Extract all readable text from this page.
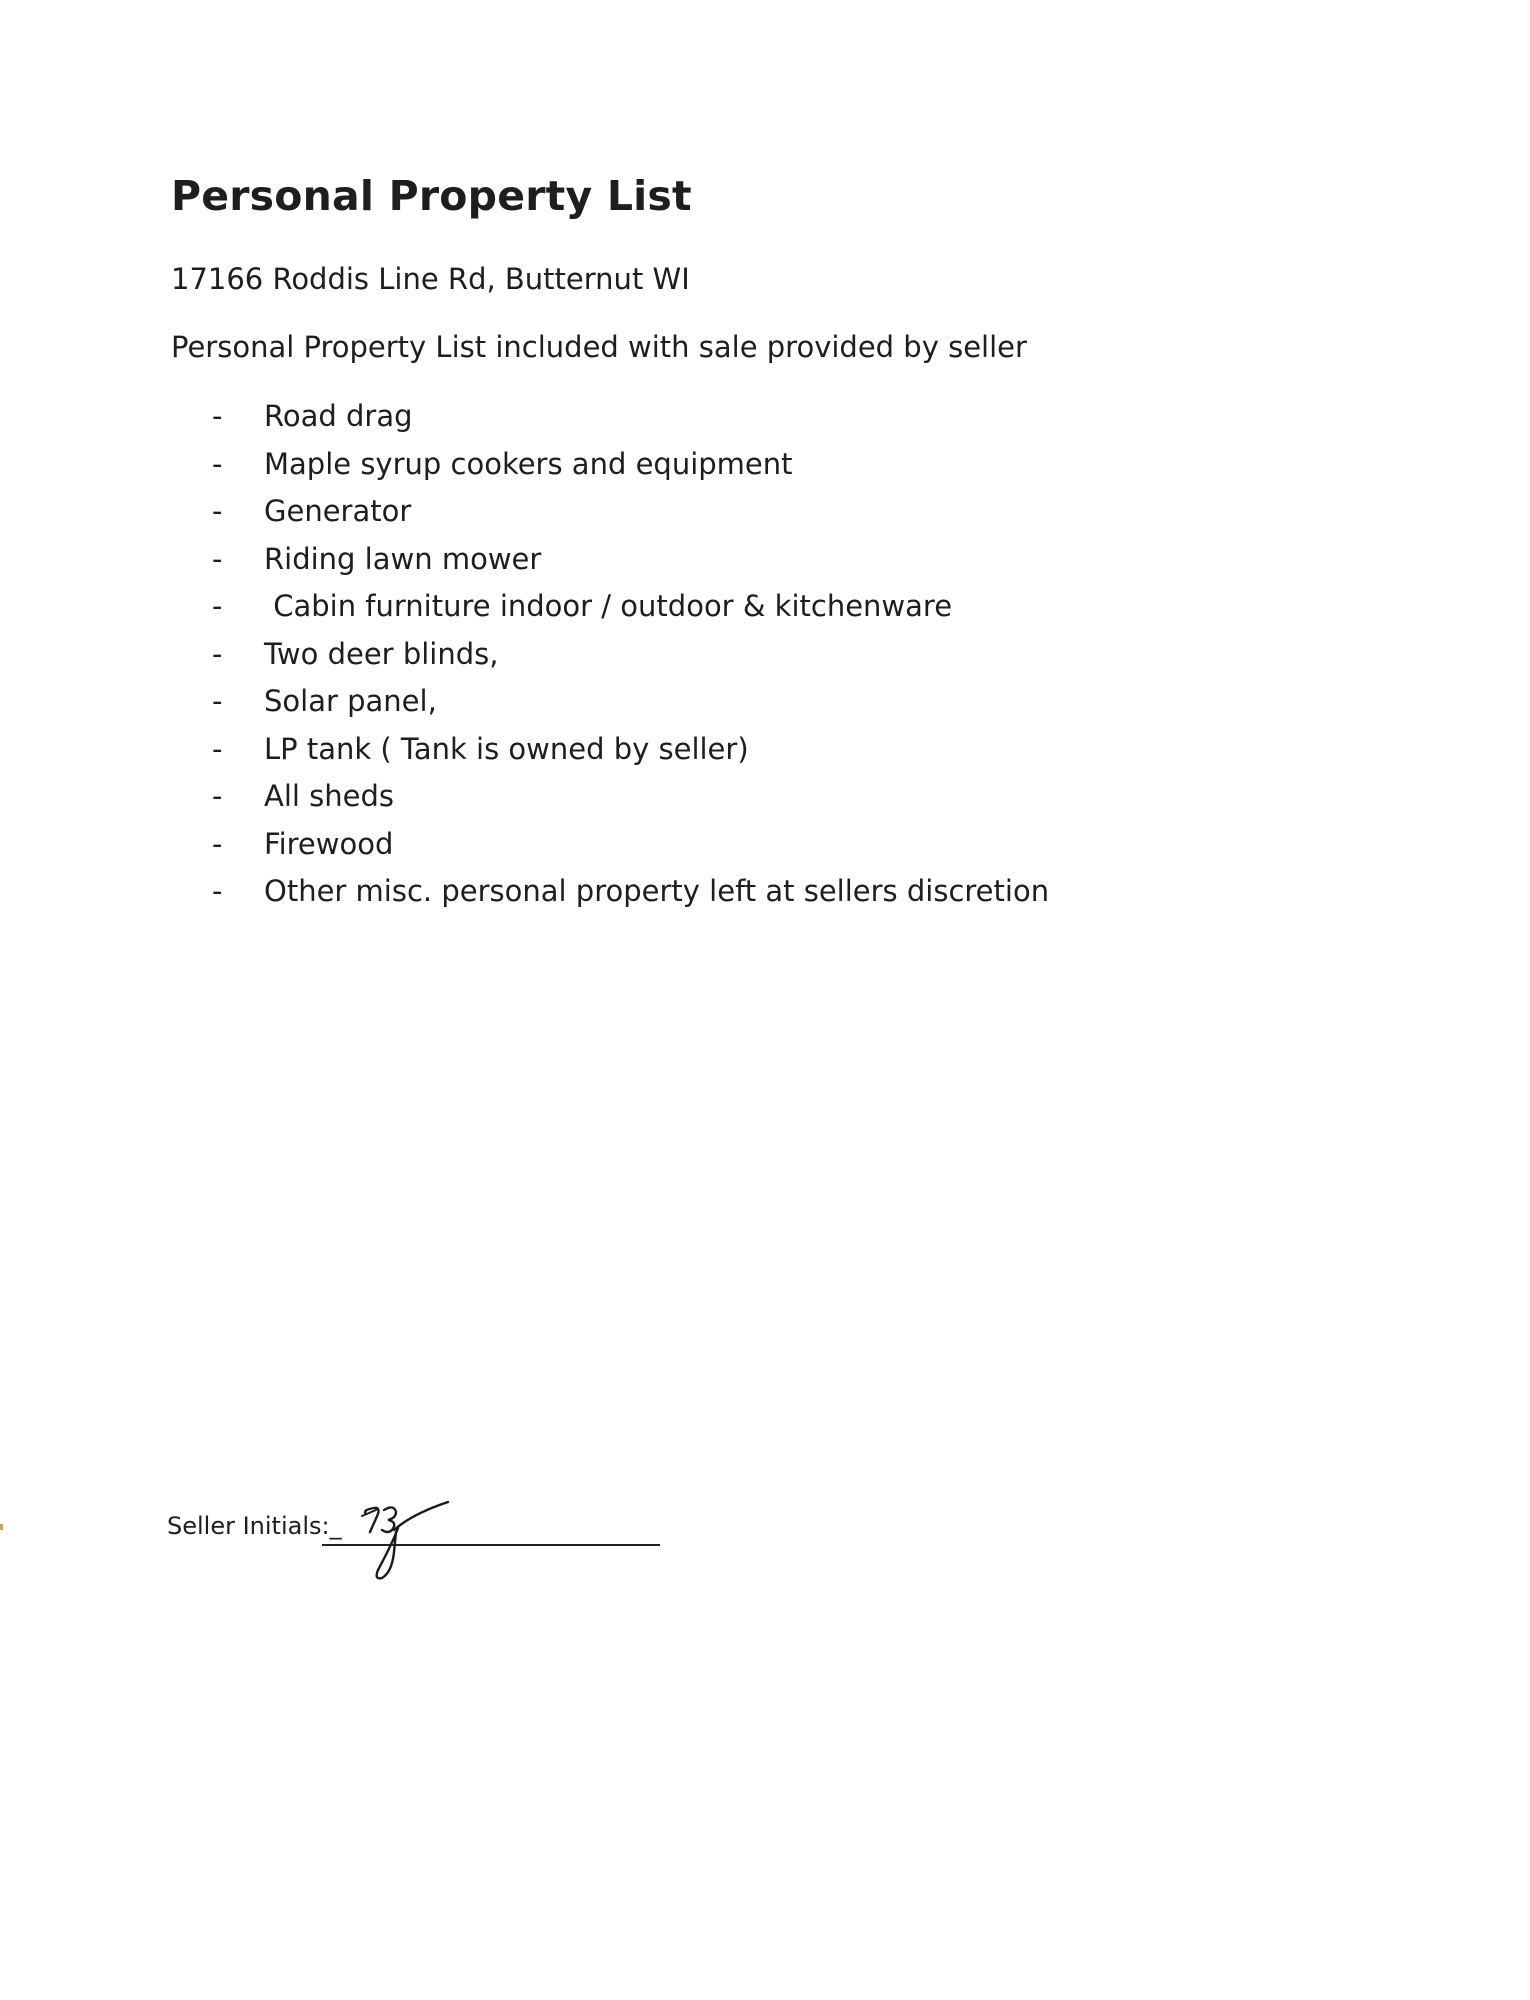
Personal Property List
17166 Roddis Line Rd, Butternut WI
Personal Property List included with sale provided by seller
-	Road drag
-	Maple syrup cookers and equipment
-	Generator
-	Riding lawn mower
-	Cabin furniture indoor / outdoor & kitchenware
-	Two deer blinds,
-	Solar panel,
-	LP tank ( Tank is owned by seller)
-	All sheds
-	Firewood
-	Other misc. personal property left at sellers discretion
Seller Initials:_
